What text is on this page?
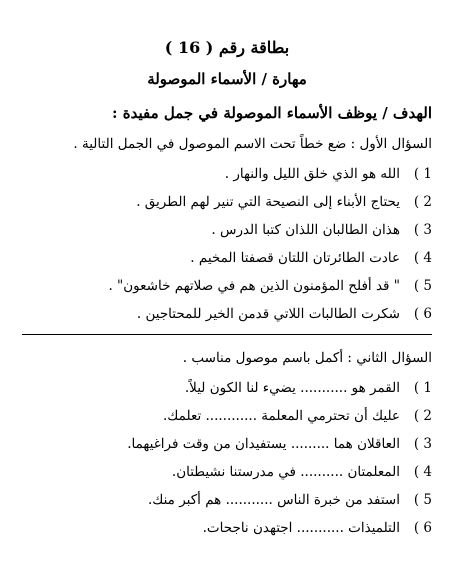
بطاقة رقم ( 16 )
مهارة / الأسماء الموصولة
الهدف / يوظف الأسماء الموصولة في جمل مفيدة :
السؤال الأول : ضع خطاً تحت الاسم الموصول في الجمل التالية .
1 )
الله هو الذي خلق الليل والنهار .
2 )
يحتاج الأبناء إلى النصيحة التي تنير لهم الطريق .
3 )
هذان الطالبان اللذان كتبا الدرس .
4 )
عادت الطائرتان اللتان قصفتا المخيم .
5 )
" قد أفلح المؤمنون الذين هم في صلاتهم خاشعون" .
6 )
شكرت الطالبات اللاتي قدمن الخير للمحتاجين .
السؤال الثاني : أكمل باسم موصول مناسب .
1 )
القمر هو ........... يضيء لنا الكون ليلاً.
2 )
عليك أن تحترمي المعلمة ............ تعلمك.
3 )
العاقلان هما ......... يستفيدان من وقت فراغيهما.
4 )
المعلمتان .......... في مدرستنا نشيطتان.
5 )
استفد من خبرة الناس ........... هم أكبر منك.
6 )
التلميذات ........... اجتهدن ناجحات.
